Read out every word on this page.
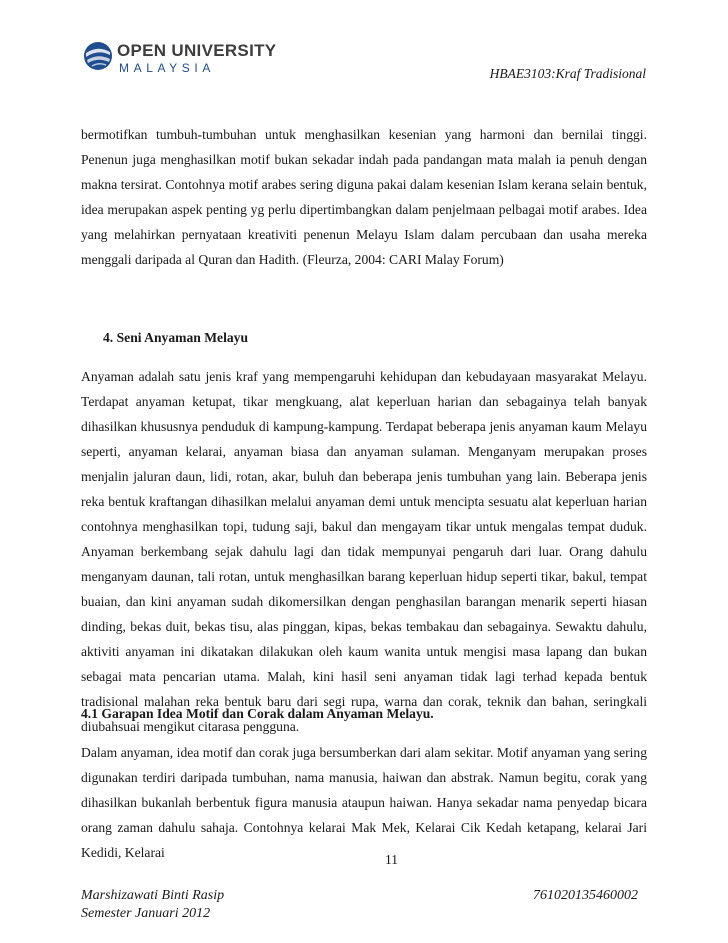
OPEN UNIVERSITY
MALAYSIA	HBAE3103:Kraf Tradisional

bermotifkan tumbuh-tumbuhan untuk menghasilkan kesenian yang harmoni dan bernilai tinggi. Penenun juga menghasilkan motif bukan sekadar indah pada pandangan mata malah ia penuh dengan makna tersirat. Contohnya motif arabes sering diguna pakai dalam kesenian Islam kerana selain bentuk, idea merupakan aspek penting yg perlu dipertimbangkan dalam penjelmaan pelbagai motif arabes. Idea yang melahirkan pernyataan kreativiti penenun Melayu Islam dalam percubaan dan usaha mereka menggali daripada al Quran dan Hadith. (Fleurza, 2004: CARI Malay Forum)

4. Seni Anyaman Melayu

Anyaman adalah satu jenis kraf yang mempengaruhi kehidupan dan kebudayaan masyarakat Melayu. Terdapat anyaman ketupat, tikar mengkuang, alat keperluan harian dan sebagainya telah banyak dihasilkan khususnya penduduk di kampung-kampung. Terdapat beberapa jenis anyaman kaum Melayu seperti, anyaman kelarai, anyaman biasa dan anyaman sulaman. Menganyam merupakan proses menjalin jaluran daun, lidi, rotan, akar, buluh dan beberapa jenis tumbuhan yang lain. Beberapa jenis reka bentuk kraftangan dihasilkan melalui anyaman demi untuk mencipta sesuatu alat keperluan harian contohnya menghasilkan topi, tudung saji, bakul dan mengayam tikar untuk mengalas tempat duduk. Anyaman berkembang sejak dahulu lagi dan tidak mempunyai pengaruh dari luar. Orang dahulu menganyam daunan, tali rotan, untuk menghasilkan barang keperluan hidup seperti tikar, bakul, tempat buaian, dan kini anyaman sudah dikomersilkan dengan penghasilan barangan menarik seperti hiasan dinding, bekas duit, bekas tisu, alas pinggan, kipas, bekas tembakau dan sebagainya. Sewaktu dahulu, aktiviti anyaman ini dikatakan dilakukan oleh kaum wanita untuk mengisi masa lapang dan bukan sebagai mata pencarian utama. Malah, kini hasil seni anyaman tidak lagi terhad kepada bentuk tradisional malahan reka bentuk baru dari segi rupa, warna dan corak, teknik dan bahan, seringkali diubahsuai mengikut citarasa pengguna.

4.1 Garapan Idea Motif dan Corak dalam Anyaman Melayu.

Dalam anyaman, idea motif dan corak juga bersumberkan dari alam sekitar. Motif anyaman yang sering digunakan terdiri daripada tumbuhan, nama manusia, haiwan dan abstrak. Namun begitu, corak yang dihasilkan bukanlah berbentuk figura manusia ataupun haiwan. Hanya sekadar nama penyedap bicara orang zaman dahulu sahaja. Contohnya kelarai Mak Mek, Kelarai Cik Kedah ketapang, kelarai Jari Kedidi, Kelarai	11
Marshizawati Binti Rasip
Semester Januari 2012
761020135460002
